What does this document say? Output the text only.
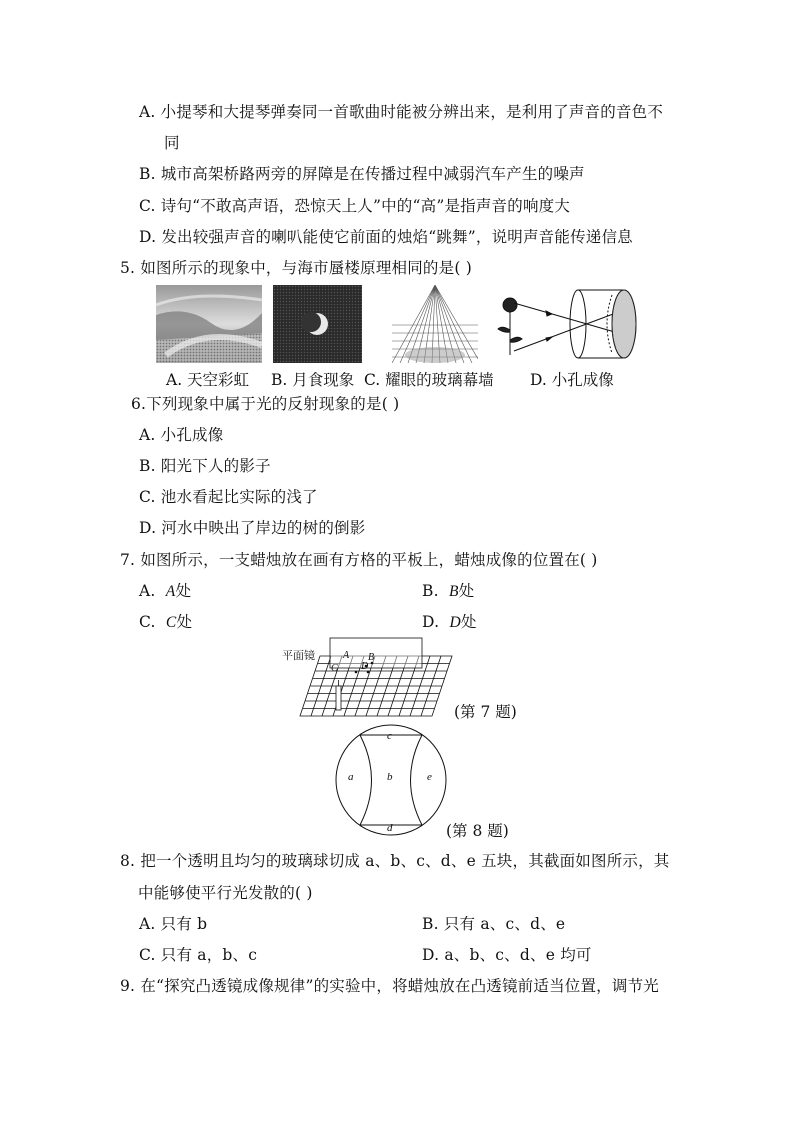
A. 小提琴和大提琴弹奏同一首歌曲时能被分辨出来，是利用了声音的音色不
同
B. 城市高架桥路两旁的屏障是在传播过程中减弱汽车产生的噪声
C. 诗句“不敢高声语，恐惊天上人”中的“高”是指声音的响度大
D. 发出较强声音的喇叭能使它前面的烛焰“跳舞”，说明声音能传递信息
5. 如图所示的现象中，与海市蜃楼原理相同的是( )
A. 天空彩虹 B. 月食现象 C. 耀眼的玻璃幕墙 D. 小孔成像
6.下列现象中属于光的反射现象的是( )
A. 小孔成像
B. 阳光下人的影子
C. 池水看起比实际的浅了
D. 河水中映出了岸边的树的倒影
7. 如图所示，一支蜡烛放在画有方格的平板上，蜡烛成像的位置在( )
A. A处	B. B处
C. C处	D. D处
平面镜	A B
C D
(第 7 题)
c
a	b	e
d	(第 8 题)
8. 把一个透明且均匀的玻璃球切成 a、b、c、d、e 五块，其截面如图所示，其
中能够使平行光发散的( )
A. 只有 b	B. 只有 a、c、d、e
C. 只有 a，b、c	D. a、b、c、d、e 均可
9. 在“探究凸透镜成像规律”的实验中，将蜡烛放在凸透镜前适当位置，调节光
